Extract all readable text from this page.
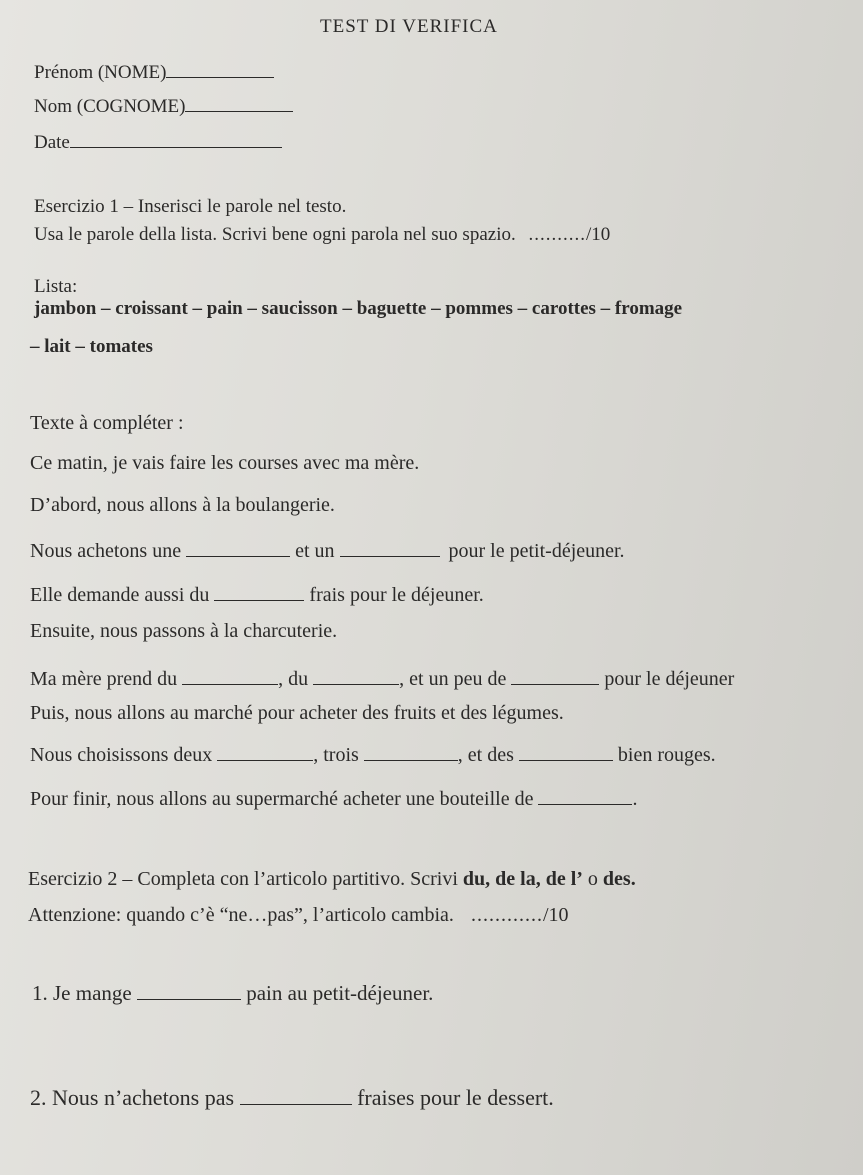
TEST DI VERIFICA
Prénom (NOME)
Nom (COGNOME)
Date
Esercizio 1 – Inserisci le parole nel testo.
Usa le parole della lista. Scrivi bene ogni parola nel suo spazio. ........../10
Lista:
jambon – croissant – pain – saucisson – baguette – pommes – carottes – fromage
– lait – tomates
Texte à compléter :
Ce matin, je vais faire les courses avec ma mère.
D’abord, nous allons à la boulangerie.
Nous achetons une	et un	pour le petit-déjeuner.
Elle demande aussi du	frais pour le déjeuner.
Ensuite, nous passons à la charcuterie.
Ma mère prend du	, du	, et un peu de	pour le déjeuner
Puis, nous allons au marché pour acheter des fruits et des légumes.
Nous choisissons deux	, trois	, et des	bien rouges.
Pour finir, nous allons au supermarché acheter une bouteille de	.
Esercizio 2 – Completa con l’articolo partitivo. Scrivi du, de la, de l’ o des.
Attenzione: quando c’è “ne…pas”, l’articolo cambia. ............/10
1. Je mange	pain au petit-déjeuner.
2. Nous n’achetons pas	fraises pour le dessert.
